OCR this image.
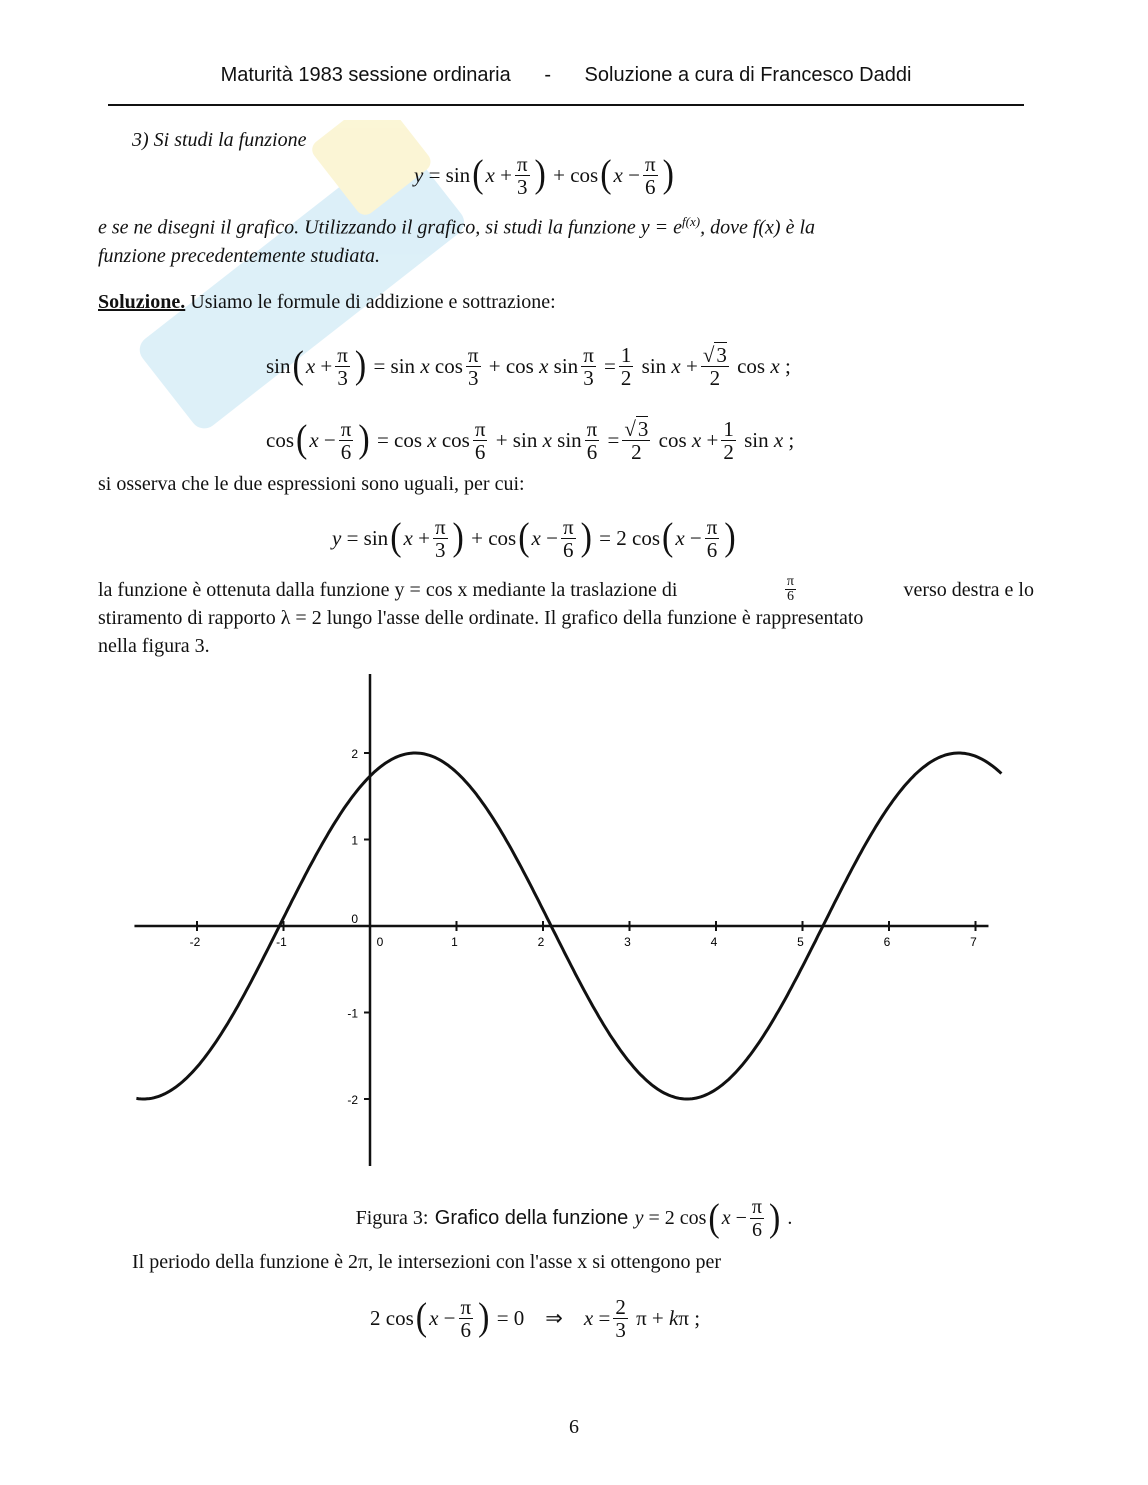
Maturità 1983 sessione ordinaria - Soluzione a cura di Francesco Daddi
3) Si studi la funzione
y = sin ( $x + \frac{\pi}{3}$ ) + cos ( $x - \frac{\pi}{6}$ )
e se ne disegni il grafico. Utilizzando il grafico, si studi la funzione $y = e^{f(x)}$, dove f(x) è la
funzione precedentemente studiata.
Soluzione. Usiamo le formule di addizione e sottrazione:
sin ( $x + \frac{\pi}{3}$ ) = sin x $\cos \frac{\pi}{3} + \cos x$ $\sin \frac{\pi}{3} = \frac{1}{2}$ $\sin x + \frac{√3}{2}$ cos x ;
cos ( $x - \frac{\pi}{6}$ ) = cos x $\cos \frac{\pi}{6} + \sin x$ $\sin \frac{\pi}{6} = \frac{√3}{2}$ $\cos x + \frac{1}{2}$ sin x ;
si osserva che le due espressioni sono uguali, per cui:
y = sin ( $x + \frac{\pi}{3}$ ) + cos ( $x - \frac{\pi}{6}$ ) = 2 cos ( $x - \frac{\pi}{6}$ )
la funzione è ottenuta dalla funzione y = cos x mediante la traslazione di	$\frac{\pi}{6}$	verso destra e lo
stiramento di rapporto λ = 2 lungo l'asse delle ordinate. Il grafico della funzione è rappresentato
nella figura 3.
-2	-1	0	1	2	3	4	5	6	7
2
1
0
-1
-2
Figura 3:
Grafico della funzione
y = 2 cos ( $x - \frac{\pi}{6}$ ) .
Il periodo della funzione è 2π, le intersezioni con l'asse x si ottengono per
2 cos ( $x - \frac{\pi}{6}$ ) = 0    ⇒ $x = \frac{2}{3}$ π + k π ;
6
